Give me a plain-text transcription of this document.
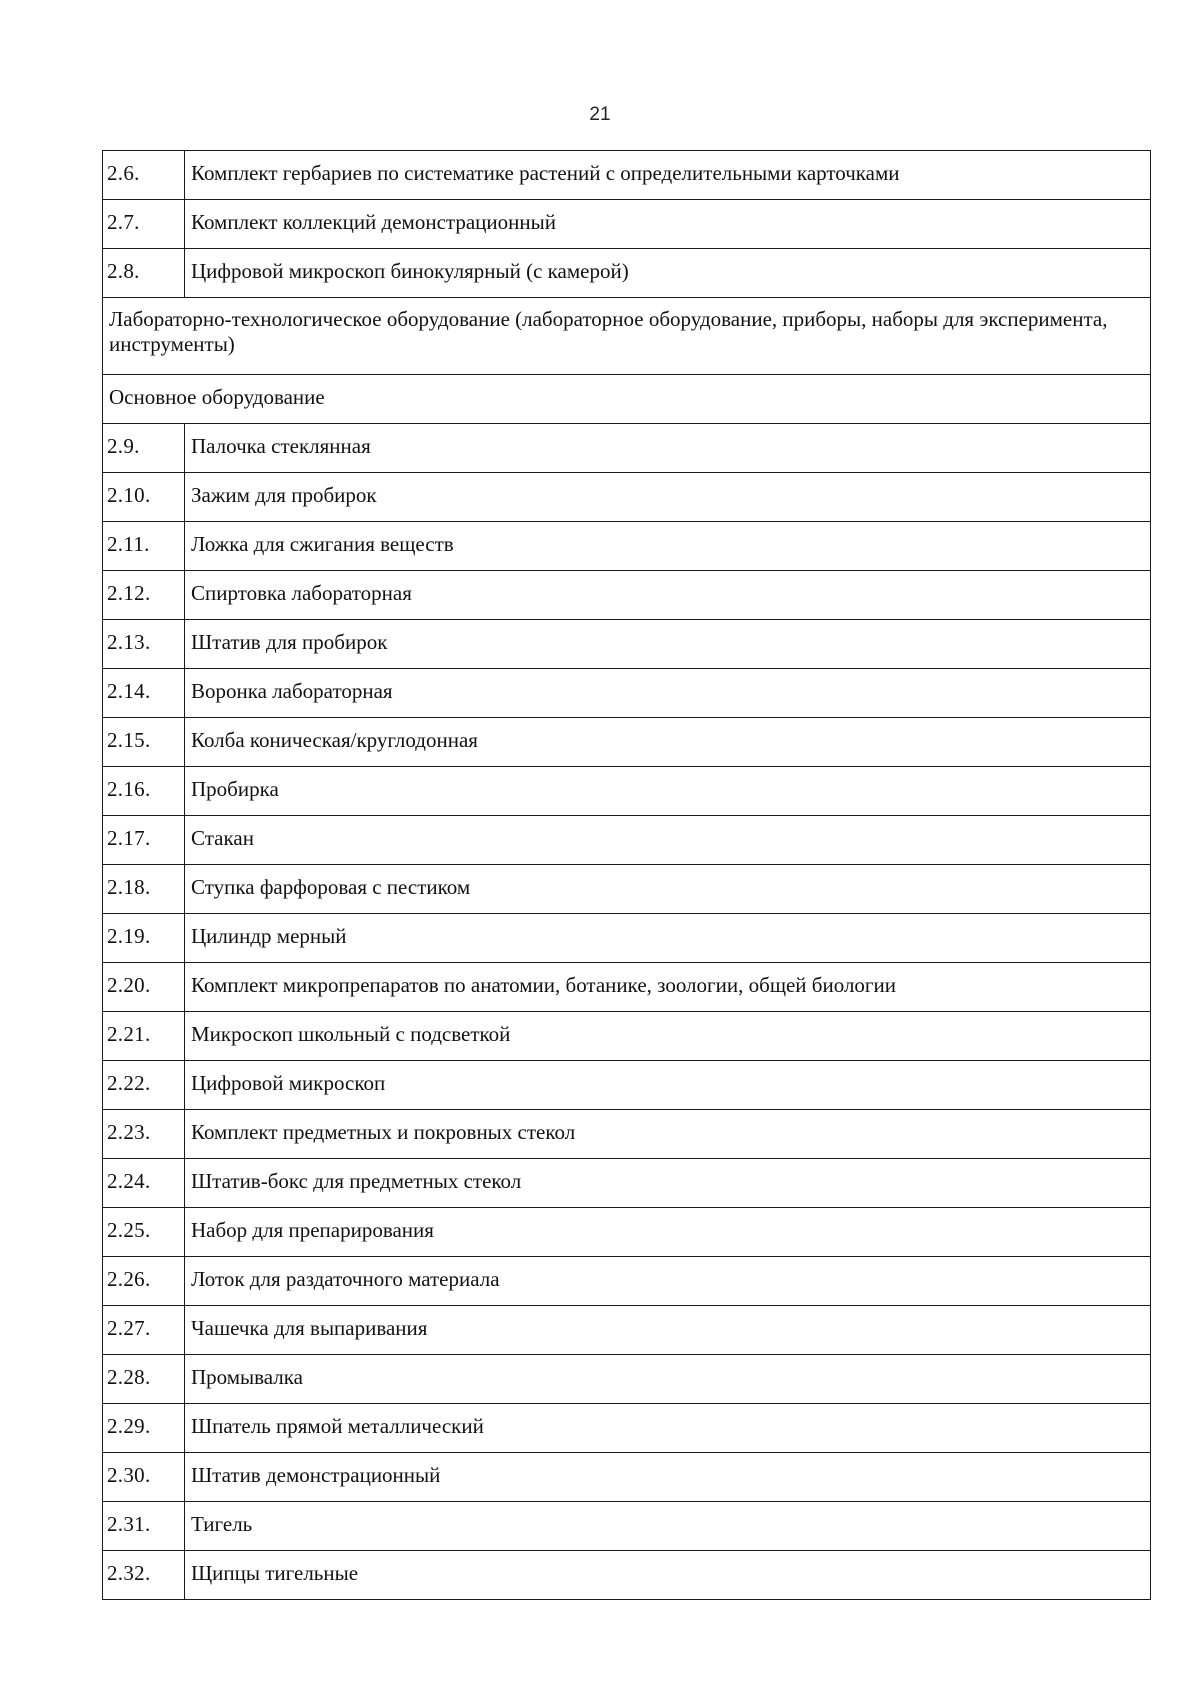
21
2.6.	Комплект гербариев по систематике растений с определительными карточками
2.7.	Комплект коллекций демонстрационный
2.8.	Цифровой микроскоп бинокулярный (с камерой)
Лабораторно-технологическое оборудование (лабораторное оборудование, приборы, наборы для эксперимента, инструменты)	
Основное оборудование	
2.9.	Палочка стеклянная
2.10.	Зажим для пробирок
2.11.	Ложка для сжигания веществ
2.12.	Спиртовка лабораторная
2.13.	Штатив для пробирок
2.14.	Воронка лабораторная
2.15.	Колба коническая/круглодонная
2.16.	Пробирка
2.17.	Стакан
2.18.	Ступка фарфоровая с пестиком
2.19.	Цилиндр мерный
2.20.	Комплект микропрепаратов по анатомии, ботанике, зоологии, общей биологии
2.21.	Микроскоп школьный с подсветкой
2.22.	Цифровой микроскоп
2.23.	Комплект предметных и покровных стекол
2.24.	Штатив-бокс для предметных стекол
2.25.	Набор для препарирования
2.26.	Лоток для раздаточного материала
2.27.	Чашечка для выпаривания
2.28.	Промывалка
2.29.	Шпатель прямой металлический
2.30.	Штатив демонстрационный
2.31.	Тигель
2.32.	Щипцы тигельные
